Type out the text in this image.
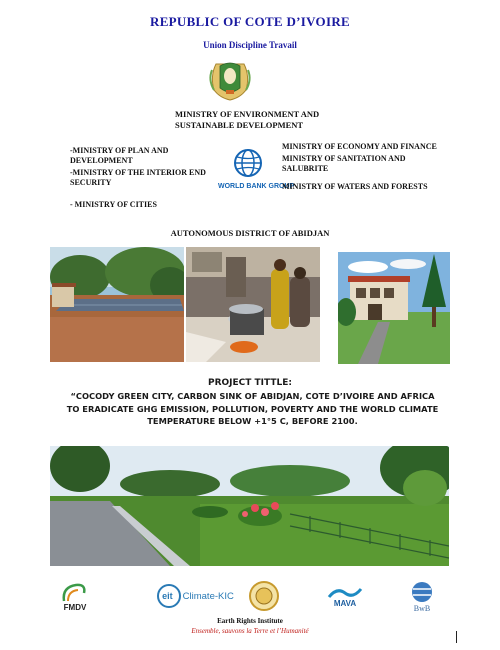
REPUBLIC OF COTE D’IVOIRE
Union Discipline Travail
MINISTRY OF ENVIRONMENT AND SUSTAINABLE DEVELOPMENT
-MINISTRY OF PLAN AND DEVELOPMENT
-MINISTRY OF THE INTERIOR END SECURITY
- MINISTRY OF CITIES
WORLD BANK GROUP
MINISTRY OF ECONOMY AND FINANCE
MINISTRY OF SANITATION AND SALUBRITE
MINISTRY OF WATERS AND FORESTS
AUTONOMOUS DISTRICT OF ABIDJAN
PROJECT TITTLE:
“COCODY GREEN CITY, CARBON SINK OF ABIDJAN, COTE D’IVOIRE AND AFRICA
TO ERADICATE GHG EMISSION, POLLUTION, POVERTY AND THE WORLD CLIMATE
TEMPERATURE BELOW +1°5 C, BEFORE 2100.
FMDV
eit Climate-KIC
MAVA
BwB
Earth Rights Institute
Ensemble, sauvons la Terre et l’Humanité
